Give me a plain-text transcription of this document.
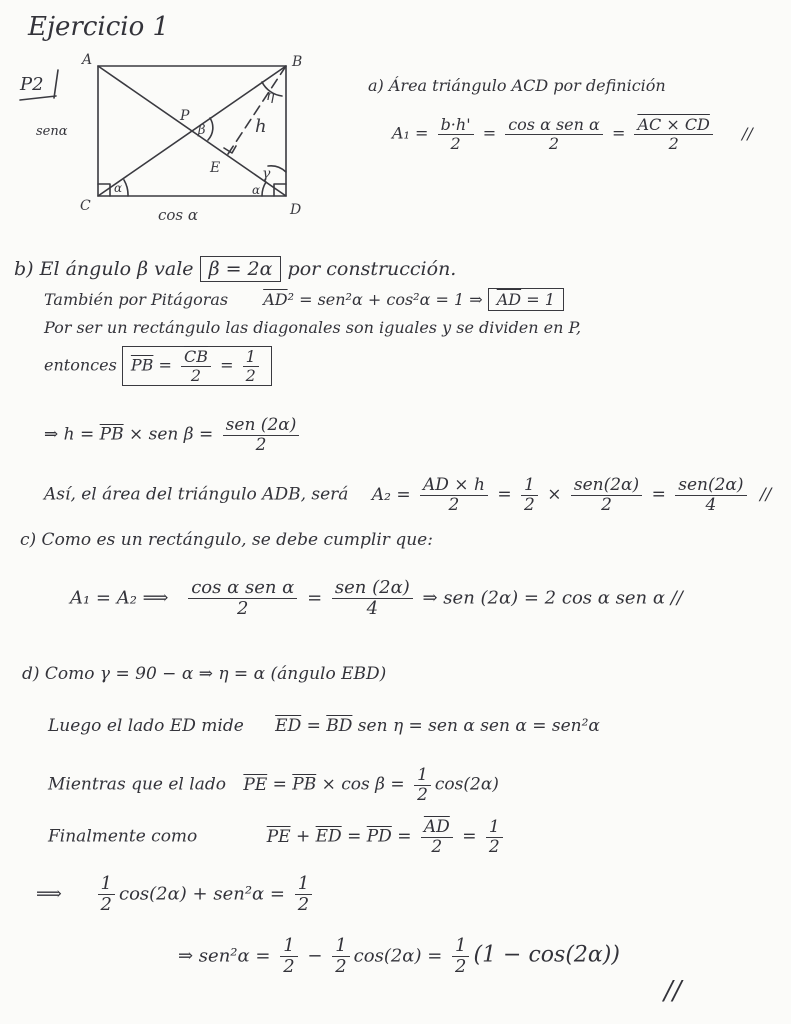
A	B
C	D
P
E
h
β
η
γ
α	α
cos α
Ejercicio 1
P2
senα
a) Área triángulo ACD por definición
$A_1 = \frac{b\cdot h'}{2} = \frac{\text{cos α sen α}}{2} = \frac{AC \times CD}{2}$ //
b) El ángulo β vale β = 2α por construcción.
También por Pitágoras $\overline{AD}^2 = sen^2\alpha + \cos^2\alpha = 1$ ⇒ $\overline{AD} = 1$
Por ser un rectángulo las diagonales son iguales y se dividen en P,
entonces $\overline{PB} = \frac{\overline{CB}}{2} = \frac{1}{2}$
⇒ $h = \overline{PB}$ × sen $\beta = \frac{\text{sen (2α)}}{2}$
Así, el área del triángulo ADB, será $A_2 = \frac{AD \times h}{2} = \frac{1}{2} \times \frac{\text{sen(2α)}}{2} = \frac{\text{sen(2α)}}{4}$ //
c) Como es un rectángulo, se debe cumplir que:
A₁ = A₂ ⟹ $\frac{\text{cos α sen α}}{2} = \frac{\text{sen (2α)}}{4}$ ⇒ sen (2α) = 2 cos α sen α //
d) Como γ = 90 − α ⇒ η = α (ángulo EBD)
Luego el lado ED mide $\overline{ED} = \overline{BD}$ sen η = sen α sen α = sen²α
Mientras que el lado $\overline{PE} = \overline{PB} \times \cos \beta = \frac{1}{2} \cos(2\alpha)$
Finalmente como	$\overline{PE} + \overline{ED} = \overline{PD} = \frac{\overline{AD}}{2} = \frac{1}{2}$
⟹ $\frac{1}{2} \cos(2\alpha) + sen^2\alpha = \frac{1}{2}$
⇒ $sen^2\alpha = \frac{1}{2} - \frac{1}{2} \cos(2\alpha) = \frac{1}{2} (1 - \cos(2\alpha))$
//
